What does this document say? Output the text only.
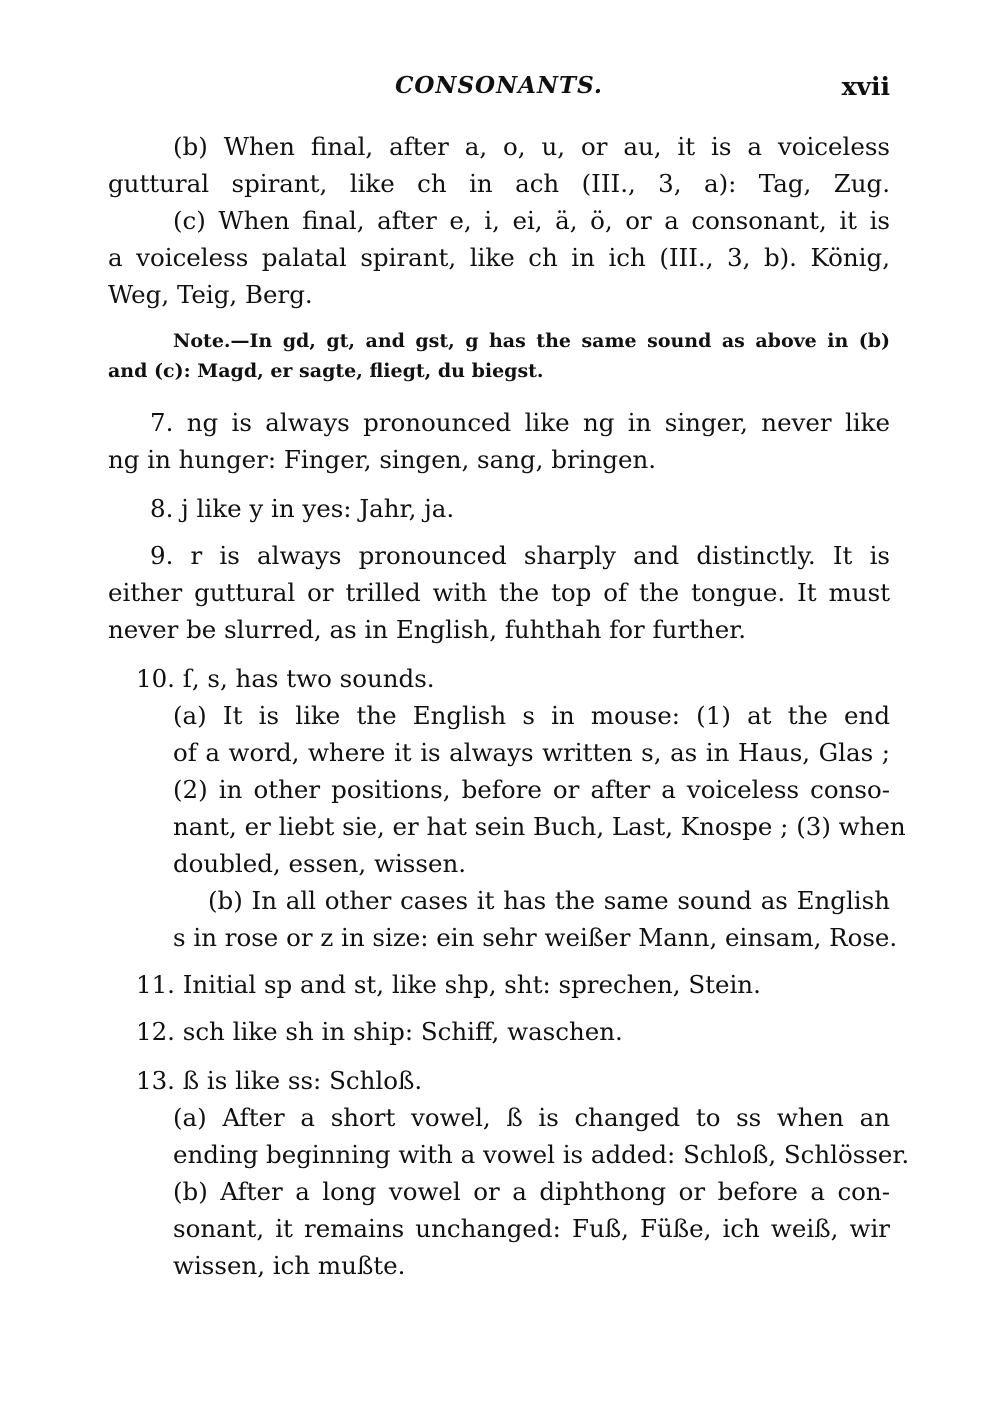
CONSONANTS.	xvii
(b) When final, after a, o, u, or au, it is a voiceless
guttural spirant, like ch in ach (III., 3, a): Tag, Zug.
(c) When final, after e, i, ei, ä, ö, or a consonant, it is
a voiceless palatal spirant, like ch in ich (III., 3, b). König,
Weg, Teig, Berg.
Note.—In gd, gt, and gst, g has the same sound as above in (b)
and (c): Magd, er sagte, fliegt, du biegst.
7. ng is always pronounced like ng in singer, never like
ng in hunger: Finger, singen, sang, bringen.
8. j like y in yes: Jahr, ja.
9. r is always pronounced sharply and distinctly. It is
either guttural or trilled with the top of the tongue. It must
never be slurred, as in English, fuhthah for further.
10. ſ, s, has two sounds.
(a) It is like the English s in mouse: (1) at the end
of a word, where it is always written s, as in Haus, Glas ;
(2) in other positions, before or after a voiceless conso-
nant, er liebt sie, er hat sein Buch, Last, Knospe ; (3) when
doubled, essen, wissen.
(b) In all other cases it has the same sound as English
s in rose or z in size: ein sehr weißer Mann, einsam, Rose.
11. Initial sp and st, like shp, sht: sprechen, Stein.
12. sch like sh in ship: Schiff, waschen.
13. ß is like ss: Schloß.
(a) After a short vowel, ß is changed to ss when an
ending beginning with a vowel is added: Schloß, Schlösser.
(b) After a long vowel or a diphthong or before a con-
sonant, it remains unchanged: Fuß, Füße, ich weiß, wir
wissen, ich mußte.
